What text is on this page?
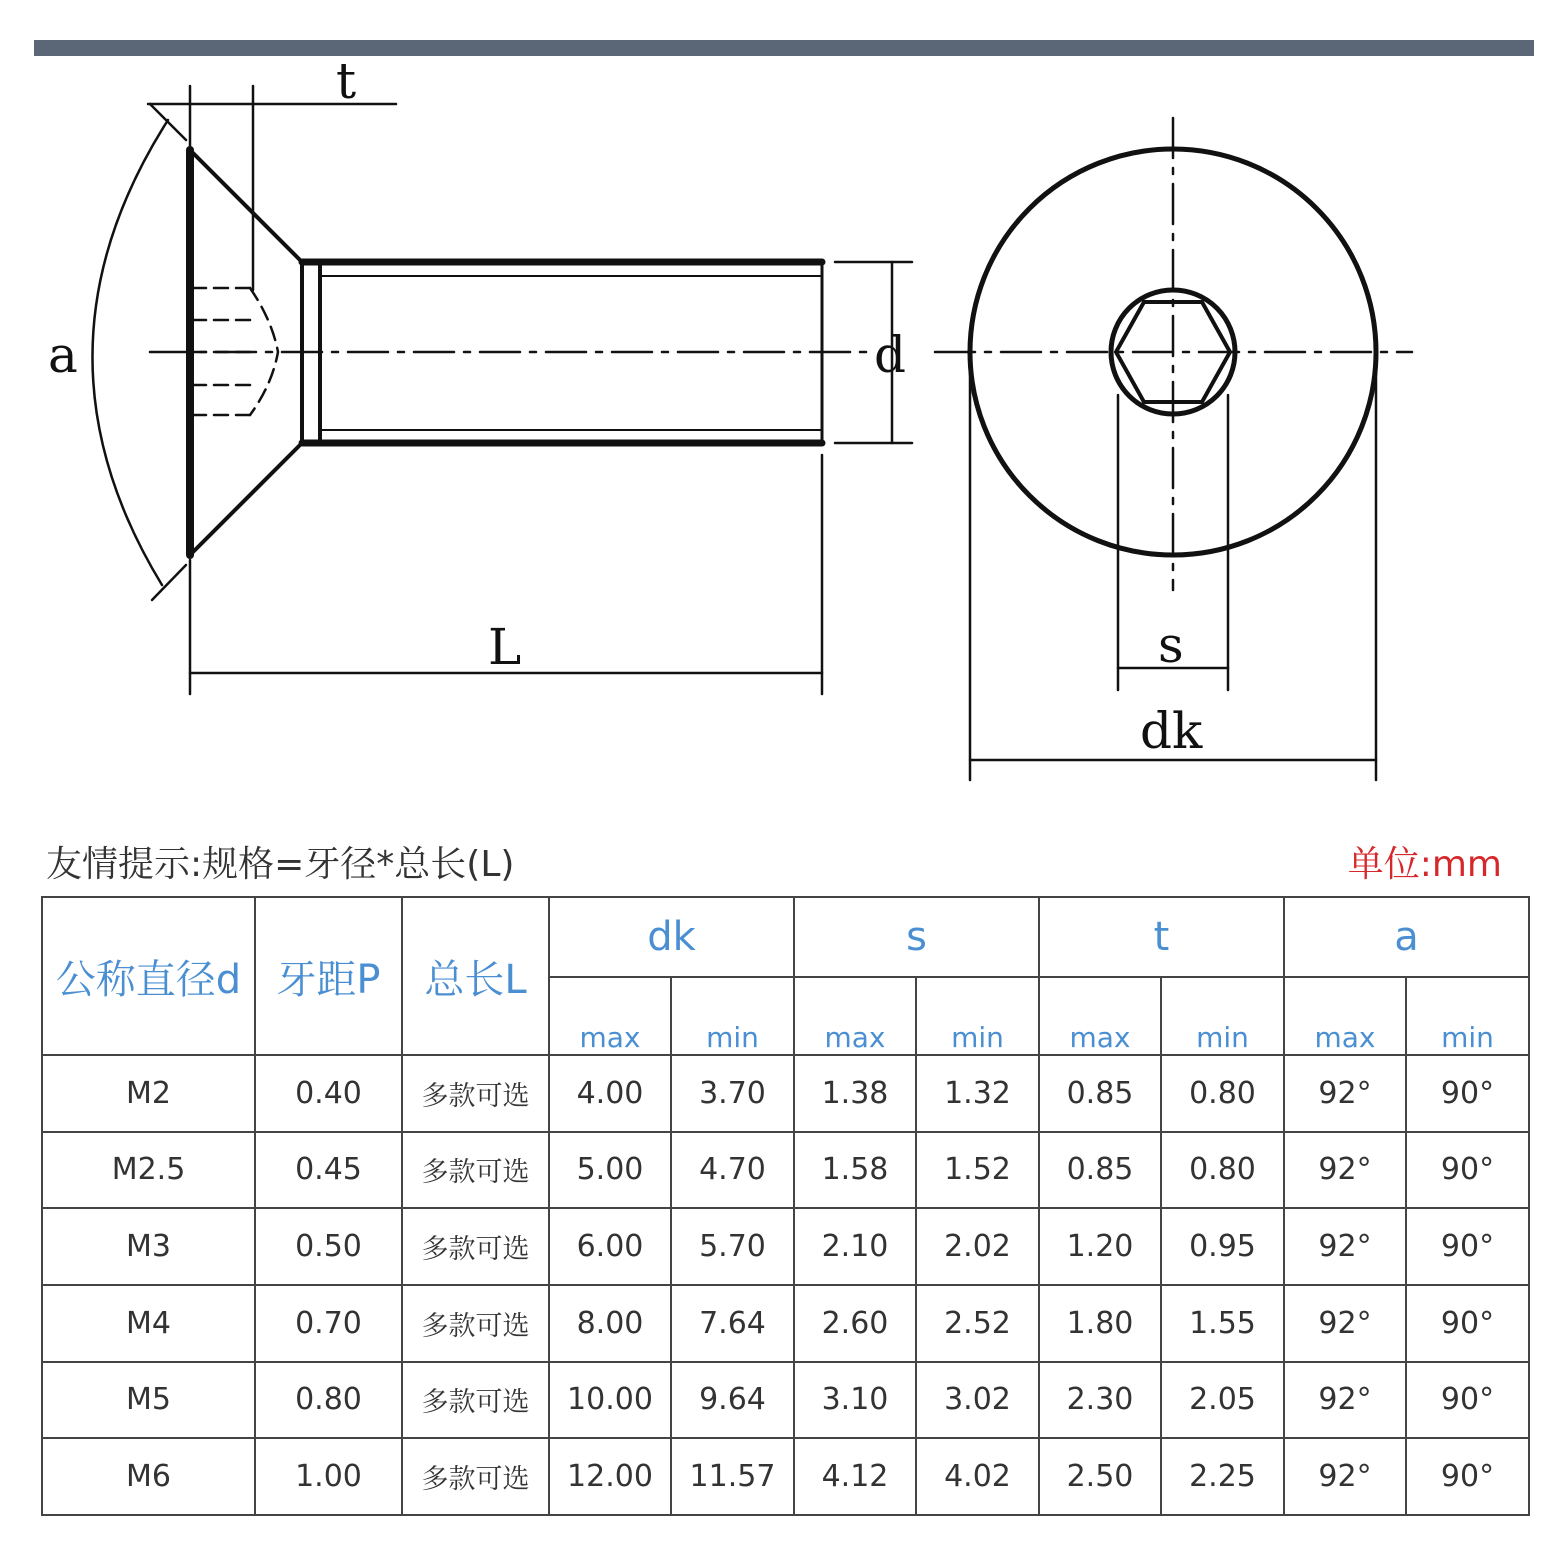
t
a	d
L	s
dk
友情提示:规格=牙径*总长(L)	单位:mm
公称直径d	牙距P	总长L	dk		s		t		a	
			max	min	max	min	max	min	max	min
M2	0.40	多款可选	4.00	3.70	1.38	1.32	0.85	0.80	92°	90°
M2.5	0.45	多款可选	5.00	4.70	1.58	1.52	0.85	0.80	92°	90°
M3	0.50	多款可选	6.00	5.70	2.10	2.02	1.20	0.95	92°	90°
M4	0.70	多款可选	8.00	7.64	2.60	2.52	1.80	1.55	92°	90°
M5	0.80	多款可选	10.00	9.64	3.10	3.02	2.30	2.05	92°	90°
M6	1.00	多款可选	12.00	11.57	4.12	4.02	2.50	2.25	92°	90°
